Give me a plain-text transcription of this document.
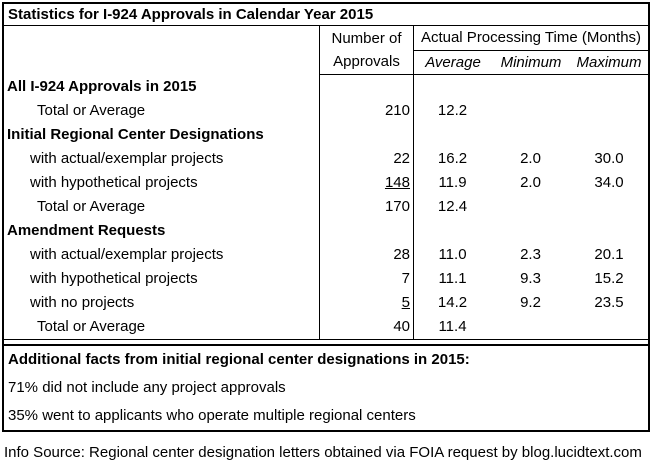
Statistics for I-924 Approvals in Calendar Year 2015
Number of
Approvals
Actual Processing Time (Months)
Average	Minimum	Maximum
All I-924 Approvals in 2015
Total or Average	210	12.2
Initial Regional Center Designations
with actual/exemplar projects	22	16.2	2.0	30.0
with hypothetical projects	148	11.9	2.0	34.0
Total or Average	170	12.4
Amendment Requests
with actual/exemplar projects	28	11.0	2.3	20.1
with hypothetical projects	7	11.1	9.3	15.2
with no projects	5	14.2	9.2	23.5
Total or Average	40	11.4
Additional facts from initial regional center designations in 2015:
71% did not include any project approvals
35% went to applicants who operate multiple regional centers
Info Source: Regional center designation letters obtained via FOIA request by blog.lucidtext.com
